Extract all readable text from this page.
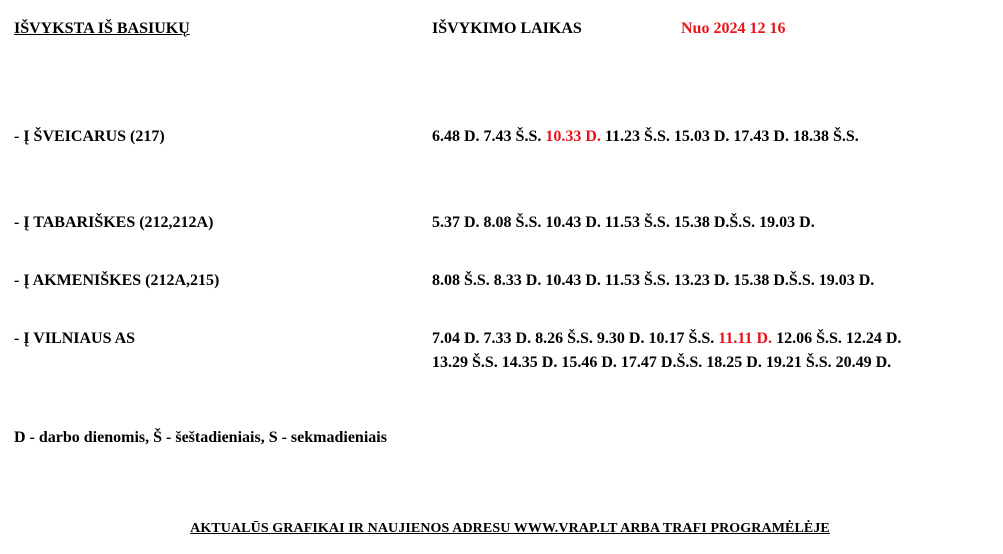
IŠVYKSTA IŠ BASIUKŲ	IŠVYKIMO LAIKAS	Nuo 2024 12 16
- Į ŠVEICARUS (217)	6.48 D. 7.43 Š.S. 10.33 D. 11.23 Š.S. 15.03 D. 17.43 D. 18.38 Š.S.
- Į TABARIŠKES (212,212A)	5.37 D. 8.08 Š.S. 10.43 D. 11.53 Š.S. 15.38 D.Š.S. 19.03 D.
- Į AKMENIŠKES (212A,215)	8.08 Š.S. 8.33 D. 10.43 D. 11.53 Š.S. 13.23 D. 15.38 D.Š.S. 19.03 D.
- Į VILNIAUS AS	7.04 D. 7.33 D. 8.26 Š.S. 9.30 D. 10.17 Š.S. 11.11 D. 12.06 Š.S. 12.24 D.
13.29 Š.S. 14.35 D. 15.46 D. 17.47 D.Š.S. 18.25 D. 19.21 Š.S. 20.49 D.
D - darbo dienomis, Š - šeštadieniais, S - sekmadieniais
AKTUALŪS GRAFIKAI IR NAUJIENOS ADRESU WWW.VRAP.LT ARBA TRAFI PROGRAMĖLĖJE
